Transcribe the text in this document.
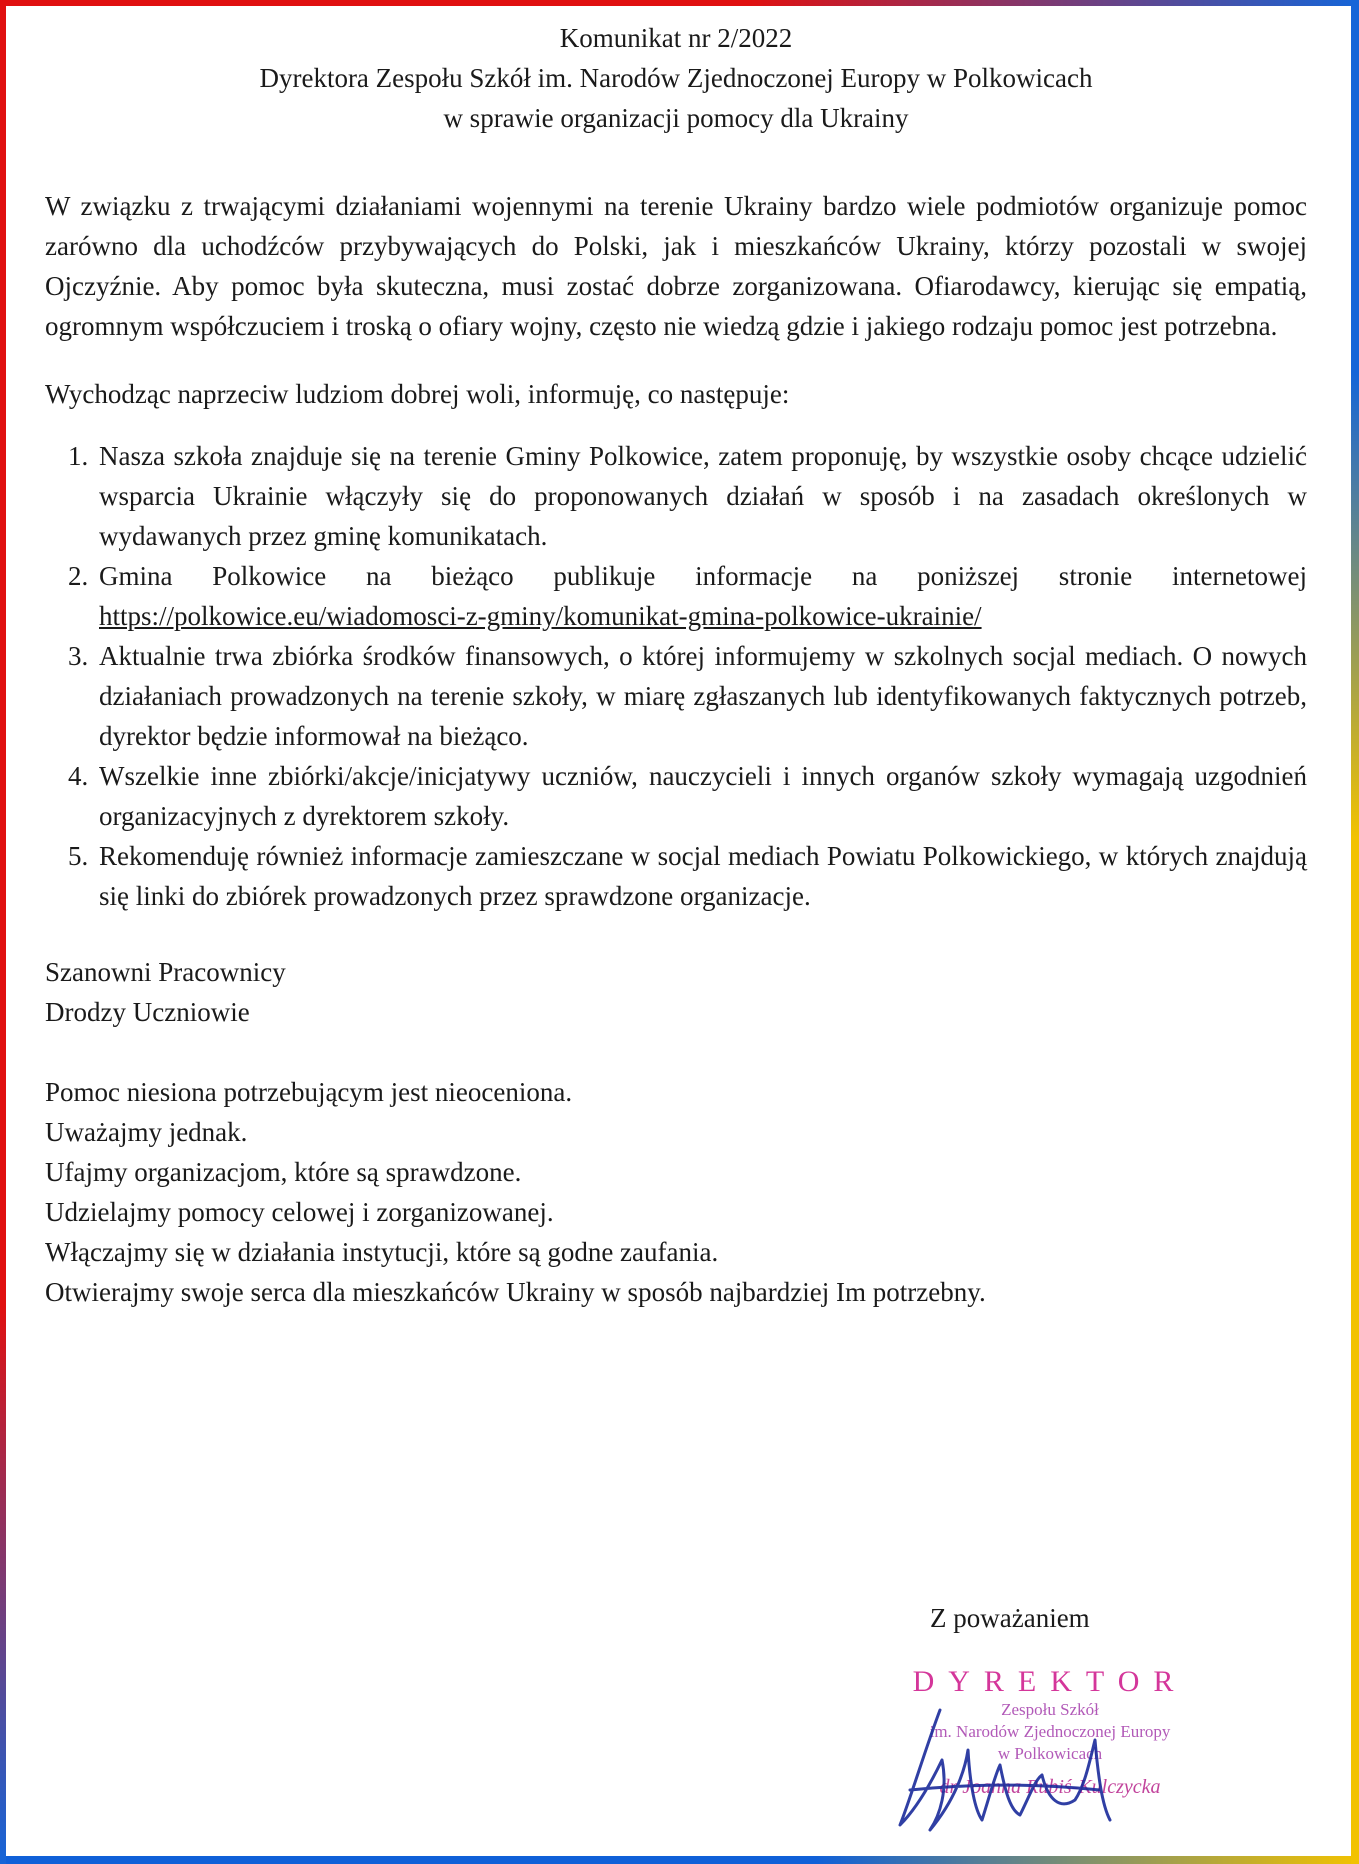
Komunikat nr 2/2022
Dyrektora Zespołu Szkół im. Narodów Zjednoczonej Europy w Polkowicach
w sprawie organizacji pomocy dla Ukrainy

W związku z trwającymi działaniami wojennymi na terenie Ukrainy bardzo wiele podmiotów organizuje pomoc zarówno dla uchodźców przybywających do Polski, jak i mieszkańców Ukrainy, którzy pozostali w swojej Ojczyźnie. Aby pomoc była skuteczna, musi zostać dobrze zorganizowana. Ofiarodawcy, kierując się empatią, ogromnym współczuciem i troską o ofiary wojny, często nie wiedzą gdzie i jakiego rodzaju pomoc jest potrzebna.

Wychodząc naprzeciw ludziom dobrej woli, informuję, co następuje:

1. Nasza szkoła znajduje się na terenie Gminy Polkowice, zatem proponuję, by wszystkie osoby chcące udzielić wsparcia Ukrainie włączyły się do proponowanych działań w sposób i na zasadach określonych w wydawanych przez gminę komunikatach.
2. Gmina Polkowice na bieżąco publikuje informacje na poniższej stronie internetowej https://polkowice.eu/wiadomosci-z-gminy/komunikat-gmina-polkowice-ukrainie/
3. Aktualnie trwa zbiórka środków finansowych, o której informujemy w szkolnych socjal mediach. O nowych działaniach prowadzonych na terenie szkoły, w miarę zgłaszanych lub identyfikowanych faktycznych potrzeb, dyrektor będzie informował na bieżąco.
4. Wszelkie inne zbiórki/akcje/inicjatywy uczniów, nauczycieli i innych organów szkoły wymagają uzgodnień organizacyjnych z dyrektorem szkoły.
5. Rekomenduję również informacje zamieszczane w socjal mediach Powiatu Polkowickiego, w których znajdują się linki do zbiórek prowadzonych przez sprawdzone organizacje.

Szanowni Pracownicy

Drodzy Uczniowie

Pomoc niesiona potrzebującym jest nieoceniona.

Uważajmy jednak.

Ufajmy organizacjom, które są sprawdzone.

Udzielajmy pomocy celowej i zorganizowanej.

Włączajmy się w działania instytucji, które są godne zaufania.

Otwierajmy swoje serca dla mieszkańców Ukrainy w sposób najbardziej Im potrzebny.

Z poważaniem
DYREKTOR
Zespołu Szkół
im. Narodów Zjednoczonej Europy
w Polkowicach
dr Joanna Rubiś-Kulczycka
